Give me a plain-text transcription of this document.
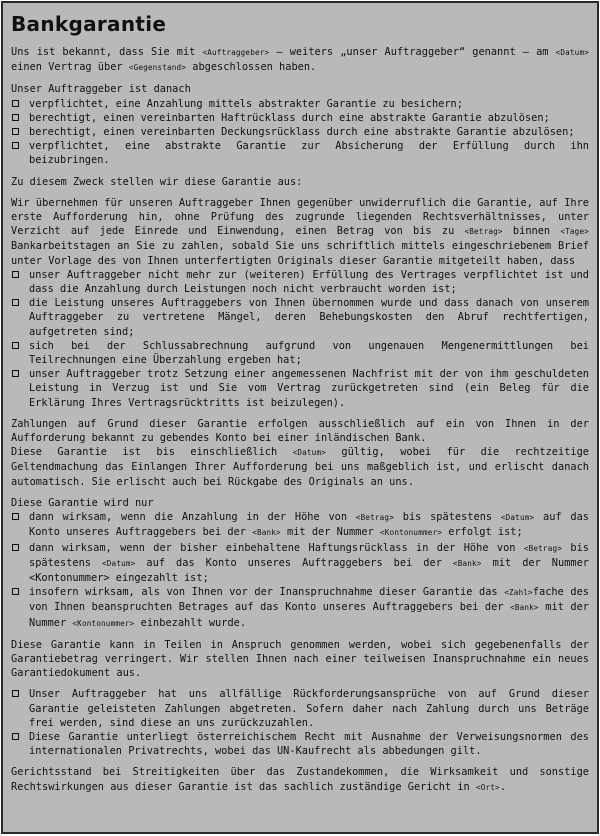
Bankgarantie

Uns ist bekannt, dass Sie mit <Auftraggeber> – weiters „unser Auftraggeber“ genannt – am <Datum> einen Vertrag über <Gegenstand> abgeschlossen haben.

Unser Auftraggeber ist danach

verpflichtet, eine Anzahlung mittels abstrakter Garantie zu besichern;
berechtigt, einen vereinbarten Haftrücklass durch eine abstrakte Garantie abzulösen;
berechtigt, einen vereinbarten Deckungsrücklass durch eine abstrakte Garantie abzulösen;
verpflichtet, eine abstrakte Garantie zur Absicherung der Erfüllung durch ihn beizubringen.

Zu diesem Zweck stellen wir diese Garantie aus:

Wir übernehmen für unseren Auftraggeber Ihnen gegenüber unwiderruflich die Garantie, auf Ihre erste Aufforderung hin, ohne Prüfung des zugrunde liegenden Rechtsverhältnisses, unter Verzicht auf jede Einrede und Einwendung, einen Betrag von bis zu <Betrag> binnen <Tage> Bankarbeitstagen an Sie zu zahlen, sobald Sie uns schriftlich mittels eingeschriebenem Brief unter Vorlage des von Ihnen unterfertigten Originals dieser Garantie mitgeteilt haben, dass

unser Auftraggeber nicht mehr zur (weiteren) Erfüllung des Vertrages verpflichtet ist und dass die Anzahlung durch Leistungen noch nicht verbraucht worden ist;
die Leistung unseres Auftraggebers von Ihnen übernommen wurde und dass danach von unserem Auftraggeber zu vertretene Mängel, deren Behebungskosten den Abruf rechtfertigen, aufgetreten sind;
sich bei der Schlussabrechnung aufgrund von ungenauen Mengenermittlungen bei Teilrechnungen eine Überzahlung ergeben hat;
unser Auftraggeber trotz Setzung einer angemessenen Nachfrist mit der von ihm geschuldeten Leistung in Verzug ist und Sie vom Vertrag zurückgetreten sind (ein Beleg für die Erklärung Ihres Vertragsrücktritts ist beizulegen).

Zahlungen auf Grund dieser Garantie erfolgen ausschließlich auf ein von Ihnen in der Aufforderung bekannt zu gebendes Konto bei einer inländischen Bank.
Diese Garantie ist bis einschließlich <Datum> gültig, wobei für die rechtzeitige Geltendmachung das Einlangen Ihrer Aufforderung bei uns maßgeblich ist, und erlischt danach automatisch. Sie erlischt auch bei Rückgabe des Originals an uns.

Diese Garantie wird nur

dann wirksam, wenn die Anzahlung in der Höhe von <Betrag> bis spätestens <Datum> auf das Konto unseres Auftraggebers bei der <Bank> mit der Nummer <Kontonummer> erfolgt ist;
dann wirksam, wenn der bisher einbehaltene Haftungsrücklass in der Höhe von <Betrag> bis spätestens <Datum> auf das Konto unseres Auftraggebers bei der <Bank> mit der Nummer <Kontonummer> eingezahlt ist;
insofern wirksam, als von Ihnen vor der Inanspruchnahme dieser Garantie das <Zahl>fache des von Ihnen beanspruchten Betrages auf das Konto unseres Auftraggebers bei der <Bank> mit der Nummer <Kontonummer> einbezahlt wurde.

Diese Garantie kann in Teilen in Anspruch genommen werden, wobei sich gegebenenfalls der Garantiebetrag verringert. Wir stellen Ihnen nach einer teilweisen Inanspruchnahme ein neues Garantiedokument aus.

Unser Auftraggeber hat uns allfällige Rückforderungsansprüche von auf Grund dieser Garantie geleisteten Zahlungen abgetreten. Sofern daher nach Zahlung durch uns Beträge frei werden, sind diese an uns zurückzuzahlen.
Diese Garantie unterliegt österreichischem Recht mit Ausnahme der Verweisungsnormen des internationalen Privatrechts, wobei das UN-Kaufrecht als abbedungen gilt.

Gerichtsstand bei Streitigkeiten über das Zustandekommen, die Wirksamkeit und sonstige Rechtswirkungen aus dieser Garantie ist das sachlich zuständige Gericht in <Ort>.
